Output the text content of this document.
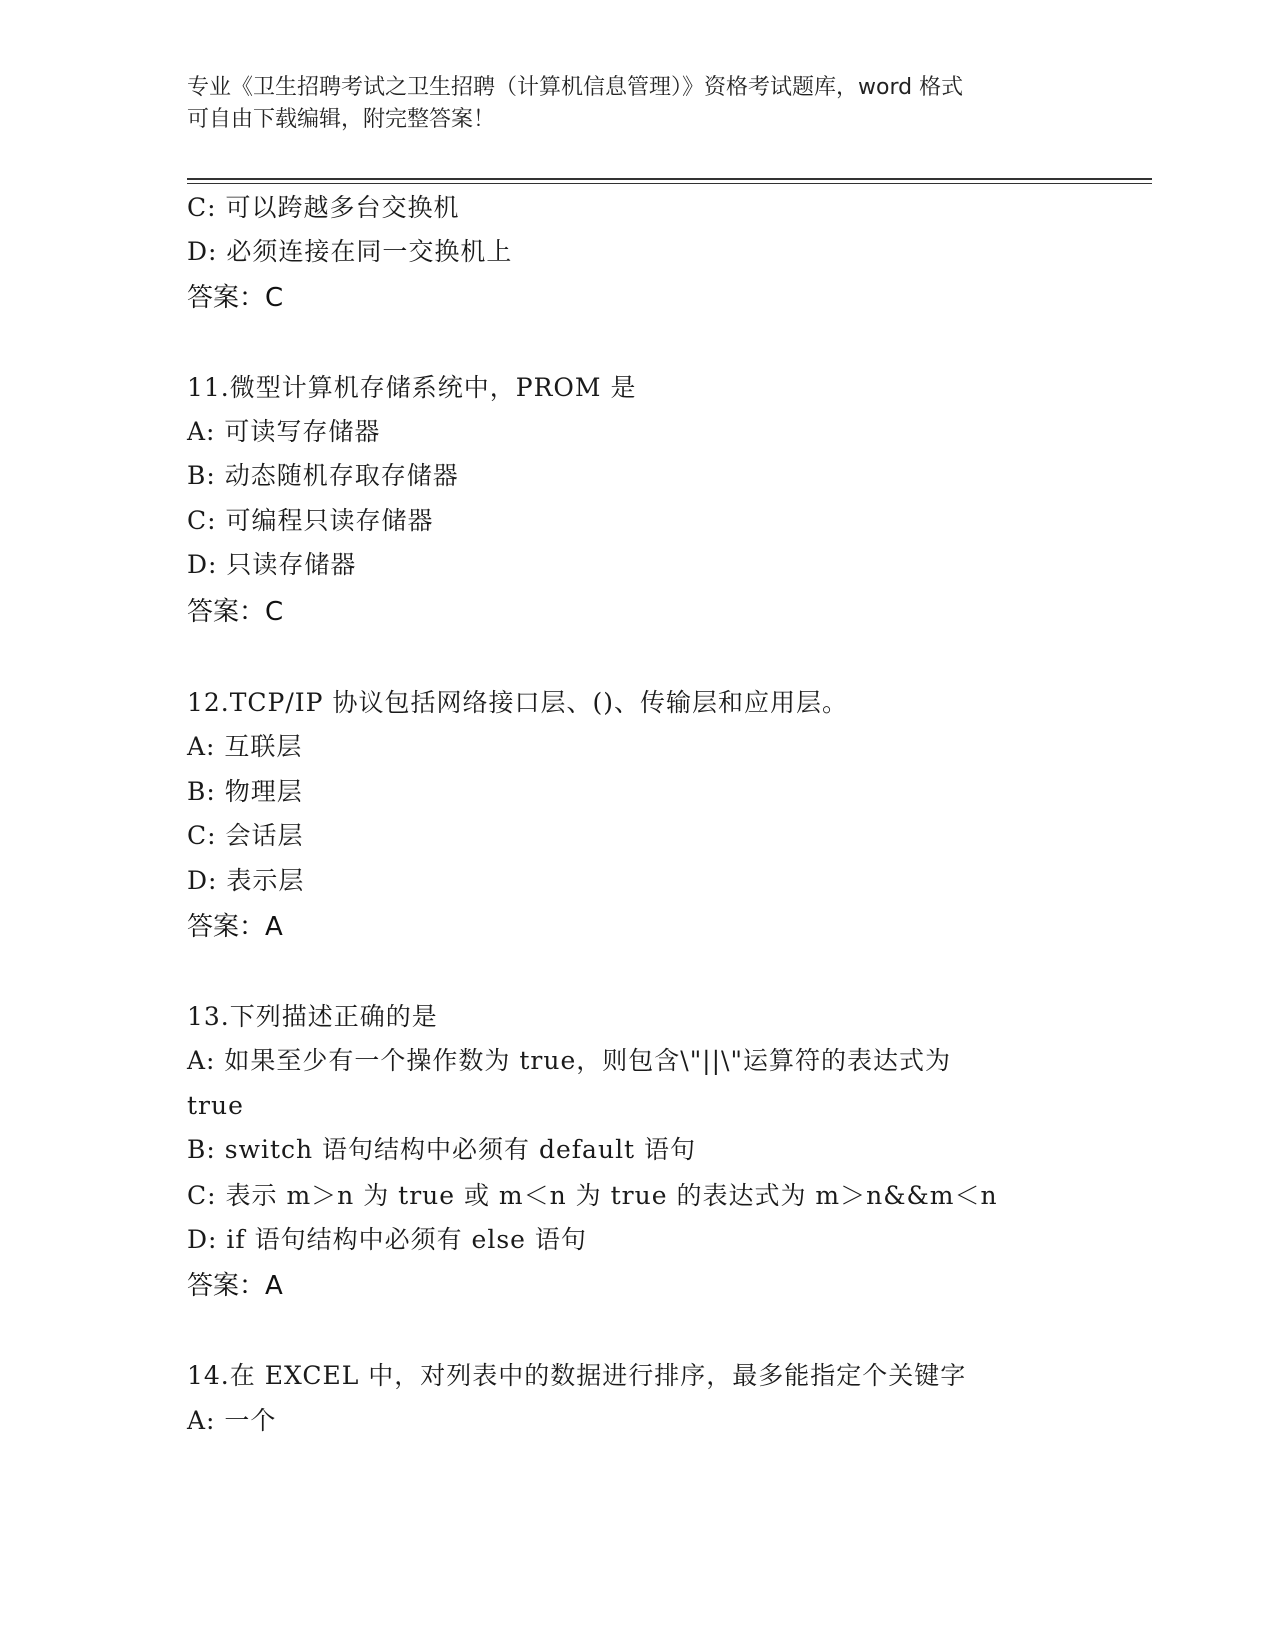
专业《卫生招聘考试之卫生招聘（计算机信息管理）》资格考试题库，word 格式
可自由下载编辑，附完整答案！
C: 可以跨越多台交换机
D: 必须连接在同一交换机上
答案：C
11.微型计算机存储系统中，PROM 是
A: 可读写存储器
B: 动态随机存取存储器
C: 可编程只读存储器
D: 只读存储器
答案：C
12.TCP/IP 协议包括网络接口层、()、传输层和应用层。
A: 互联层
B: 物理层
C: 会话层
D: 表示层
答案：A
13.下列描述正确的是
A: 如果至少有一个操作数为 true，则包含\"||\"运算符的表达式为
true
B: switch 语句结构中必须有 default 语句
C: 表示 m＞n 为 true 或 m＜n 为 true 的表达式为 m＞n&&m＜n
D: if 语句结构中必须有 else 语句
答案：A
14.在 EXCEL 中，对列表中的数据进行排序，最多能指定个关键字
A: 一个
